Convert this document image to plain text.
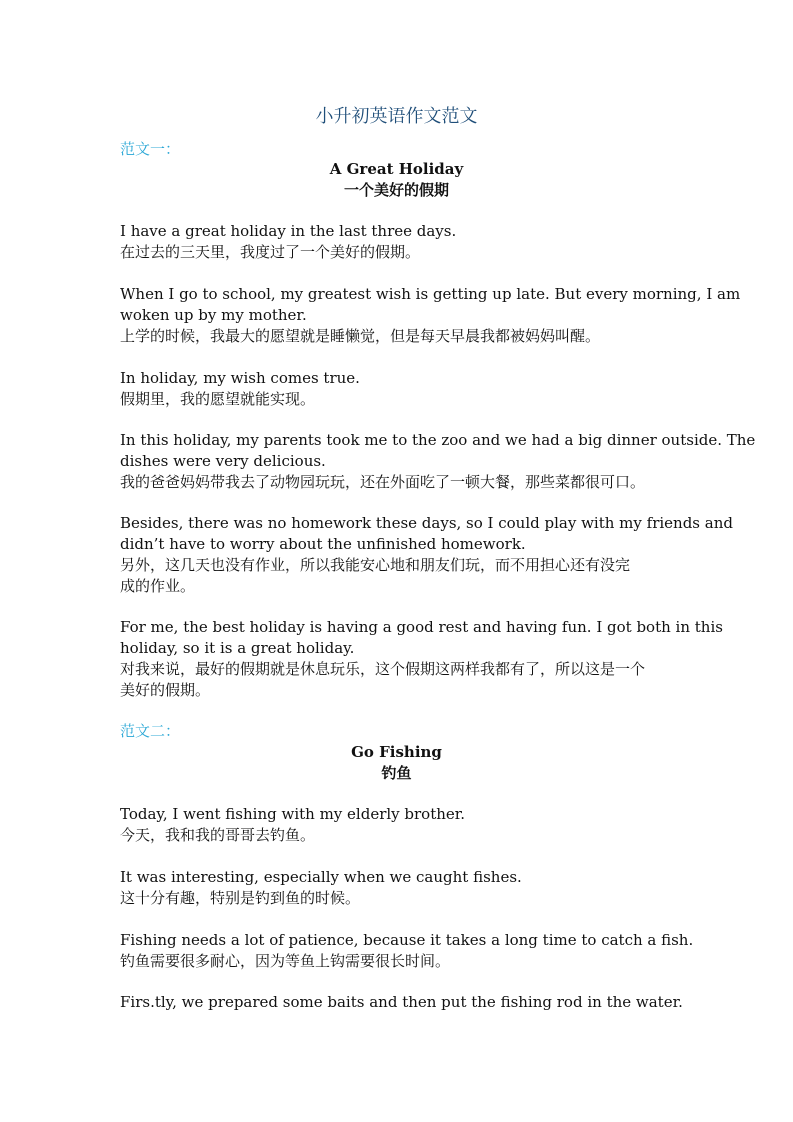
小升初英语作文范文
范文一：
A Great Holiday
一个美好的假期
I have a great holiday in the last three days.
在过去的三天里，我度过了一个美好的假期。
When I go to school, my greatest wish is getting up late. But every morning, I am
woken up by my mother.
上学的时候，我最大的愿望就是睡懒觉，但是每天早晨我都被妈妈叫醒。
In holiday, my wish comes true.
假期里，我的愿望就能实现。
In this holiday, my parents took me to the zoo and we had a big dinner outside. The
dishes were very delicious.
我的爸爸妈妈带我去了动物园玩玩，还在外面吃了一顿大餐，那些菜都很可口。
Besides, there was no homework these days, so I could play with my friends and
didn’t have to worry about the unfinished homework.
另外，这几天也没有作业，所以我能安心地和朋友们玩，而不用担心还有没完
成的作业。
For me, the best holiday is having a good rest and having fun. I got both in this
holiday, so it is a great holiday.
对我来说，最好的假期就是休息玩乐，这个假期这两样我都有了，所以这是一个
美好的假期。
范文二：
Go Fishing
钓鱼
Today, I went fishing with my elderly brother.
今天，我和我的哥哥去钓鱼。
It was interesting, especially when we caught fishes.
这十分有趣，特别是钓到鱼的时候。
Fishing needs a lot of patience, because it takes a long time to catch a fish.
钓鱼需要很多耐心，因为等鱼上钩需要很长时间。
Firs.tly, we prepared some baits and then put the fishing rod in the water.
